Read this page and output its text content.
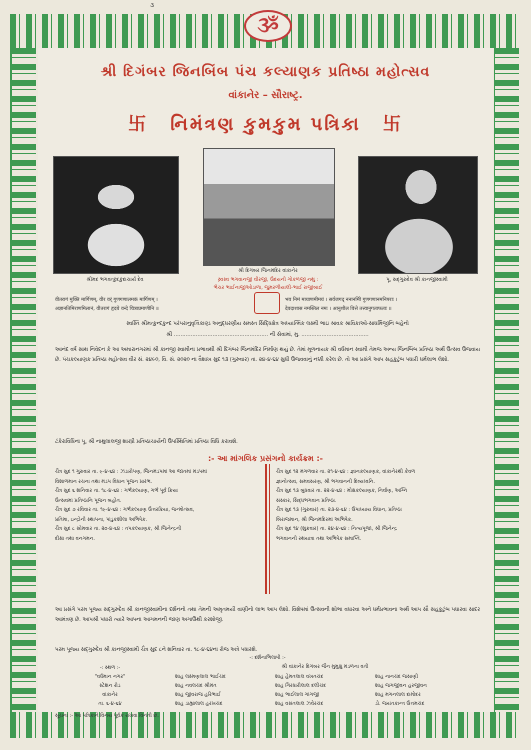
૩
ૐ
શ્રી દિગંબર જિનબિંબ પંચ કલ્યાણક પ્રતિષ્ઠા મહોત્સવ
વાંકાનેર – સૌરાષ્ટ્ર.
卐 નિમંત્રણ કુમકુમ પત્રિકા 卐
શ્રીમદ ભગવત્કુંદકુંદાચાર્ય દેવ
શ્રી દિગંબર જિનમંદિર વાંકાનેર
સ્ર્વસ્વ ભગવાનજી વીરજી, ઉદયની ગોકળજી નથુ :
ભેચર ભાઈનાજીઓડાળા, જુમરળીયાલી-ભાઈ રાજીબાઈ
પૂ. સદ્ગુરુદેવ શ્રી કાનજીસ્વામી
वीतरागं मुक्ति मार्गिणम्, वीर वर्ं गुणगणालमकं मार्गिणम् ।
अज्ञानतिमिराणमिलानं, वीतरागं हृदये वन्दे चित्राप्रमाणीनि ॥
भव निमं मायाणमीमयं । सर्वजगद् ननानमीि गुणगणानमनिपराः ।
देवदाशास नमस्तिल नमः । आनुशील वित्ते तत्त्वानुगताफताः ॥
સ્વસ્તિ શ્રીમત્કુન્દકુન્દ પરંપરાનુવૃત્તિકાણ્ડ અનુદ્ધરણીય સમસ્ત સિદ્ધિક્ષેત્ર અધ્યાત્મિક લક્ષ્મી ભાઇ શ્રાવક શ્રાવિકાઓ-સાધર્મિજીનિ બહેનો
શ્રી ........................................................ ની સેવામાં, મુ. ........................................
આનંદ વર્ષ સાથ નિવેદન કે આ અમારાનગરમાં શ્રી કાનજી સ્વામીના પ્રભાવથી શ્રી દિગંબર જિનમંદિર નિર્માણ થયું છે. તેમાં મૂળનાયક શ્રી વર્ધમાન સ્વામી તેમજ અન્ય જિનબિંબ પ્રતિષ્ઠા અર્થે ઉત્સવ ઉજવાય છે. પંચકલ્યાણક પ્રતિષ્ઠા મહોત્સવ વીર સં. ૨૪૯૦, વિ. સં. ૨૦૨૦ ના વૈશાખ સુદ ૧૩ (ગુરુવાર) તા. ૨૪-૪-૬૪ સુધી ઉજવવાનું નક્કી કરેલ છે. તો આ પ્રસંગે આપ સહકુટુંબ પધારી ધર્મલાભ લેશો.
ટંકેરાવિધિના પૂ. શ્રી નાથુલાલજી શાસ્ત્રી પ્રતિષ્ઠાચાર્યની ઉપસ્થિતિમાં પ્રતિષ્ઠા વિધિ કરાવશે.
:- આ માંગલિક પ્રસંગનો કાર્યક્રમ :-
ચૈત્ર સુદ ૧ ગુરુવાર તા. ૯-૪-૬૪ : ઝંડારોપણ, જિનમંડપમાં આ જાતમાં મંડપમાં
વિશાળમાન રચના તથા મંડપ વિધાન પૂજન પ્રારંભ.
ચૈત્ર સુદ ૬ શનિવાર તા. ૧૮-૪-૬૪ : ગર્ભકલ્યાણ, ગર્ભ પૂર્વ ક્રિયા
ઉત્સવમાં પ્રતિષ્ઠાનિ પૂજન બહોત.
ચૈત્ર સુદ ૭ રવિવાર તા. ૧૯-૪-૬૪ : ગર્ભકલ્યાણ ઉત્તરક્રિયા, જન્મોત્સવ,
પ્રતિમા, ઇન્દ્રોની સ્થાપના, પાંડુકશીલા અભિષેક.
ચૈત્ર સુદ ૮ સોમવાર તા. ૨૦-૪-૬૪ : તપકલ્યાણક, શ્રી જિનેન્દ્રની
દીક્ષા તથા વનગમન.
ચૈત્ર સુદ ૧૨ મંગળવાર તા. ૨૧-૪-૬૪ : જ્ઞાનકલ્યાણક, વાંકાનેરથી કેવળ
જ્ઞાનોત્સવ, સમવસરણ, શ્રી ભગવાનની દિવ્યધ્વનિ.
ચૈત્ર સુદ ૧૩ બુધવાર તા. ૨૨-૪-૬૪ : મોક્ષકલ્યાણક, નિર્વાણ, અગ્નિ
સંસ્કાર, સિદ્ધભગવાન પ્રતિષ્ઠા.
ચૈત્ર સુદ ૧૩ (ગુરુવાર) તા. ૨૩-૪-૬૪ : ઉપાધ્યાય વિધાન, પ્રતિષ્ઠા
બિરાજમાન, શ્રી જિનમંદિરમાં અભિષેક.
ચૈત્ર સુદ ૧૪ (શુક્રવાર) તા. ૨૪-૪-૬૪ : નિત્યપૂજા, શ્રી જિનેન્દ્ર
ભગવાનની રથયાત્રા તથા અભિષેક સમાપ્તિ.
આ પ્રસંગે પરમ પૂજ્ય સદ્ગુરુદેવ શ્રી કાનજીસ્વામીના દર્શનનો તથા તેમની અમૃતમયી વાણીનો લાભ આપ લેશો. વિશેષમાં ઉત્સવની શોભા વધારવા અને ધર્મપ્રભાવના અર્થે આપ સૌ સહકુટુંબ પધારવા સાદર આમંત્રણ છે. આપશ્રી પધારો ત્યારે આપના આગમનની જાણ અગાઉથી કરશોજી.
પરમ પૂજ્ય સદ્ગુરુદેવ શ્રી કાનજીસ્વામી ચૈત્ર સુદ ૮ને શનિવાર તા. ૧૮-૪-૬૪ના રોજ અત્રે પધારશે.
-: સ્થળ :-
"વર્ધમાન નગર"
સ્ટેશન રોડ
વાંકાનેર
તા. ૬-૪-૬૪
શ્રી વાંકાનેર દિગંબર જૈન મુમુક્ષુ મંડળના વતી
શાહ લક્ષ્મણલાલ ભાઈચંદ	શાહ હેમતલાલ વખતચંદ	શાહ નાનચંદ જસાણી
શાહ નવલચંદ શ્રીમંત	શાહ ગિરધારીલાલ દલીચંદ	શાહ જગજીવન હરજીવન
શાહ જીવરાજ હરિભાઈ	શાહ ભાઈલાલ ગાંગજી	શાહ મગનલાલ દામોદર
શાહ ડાહ્યાલાલ હરખચંદ	શાહ વસંતલાલ ઝવેરચંદ	ડો. જયંતકાન્ત ઉત્તમચંદ
સૂચના :- આ પત્રિકાને વિનય પૂર્વક રાખવા વિનંતી છે.
-: દર્શનાભિલાષી :-
